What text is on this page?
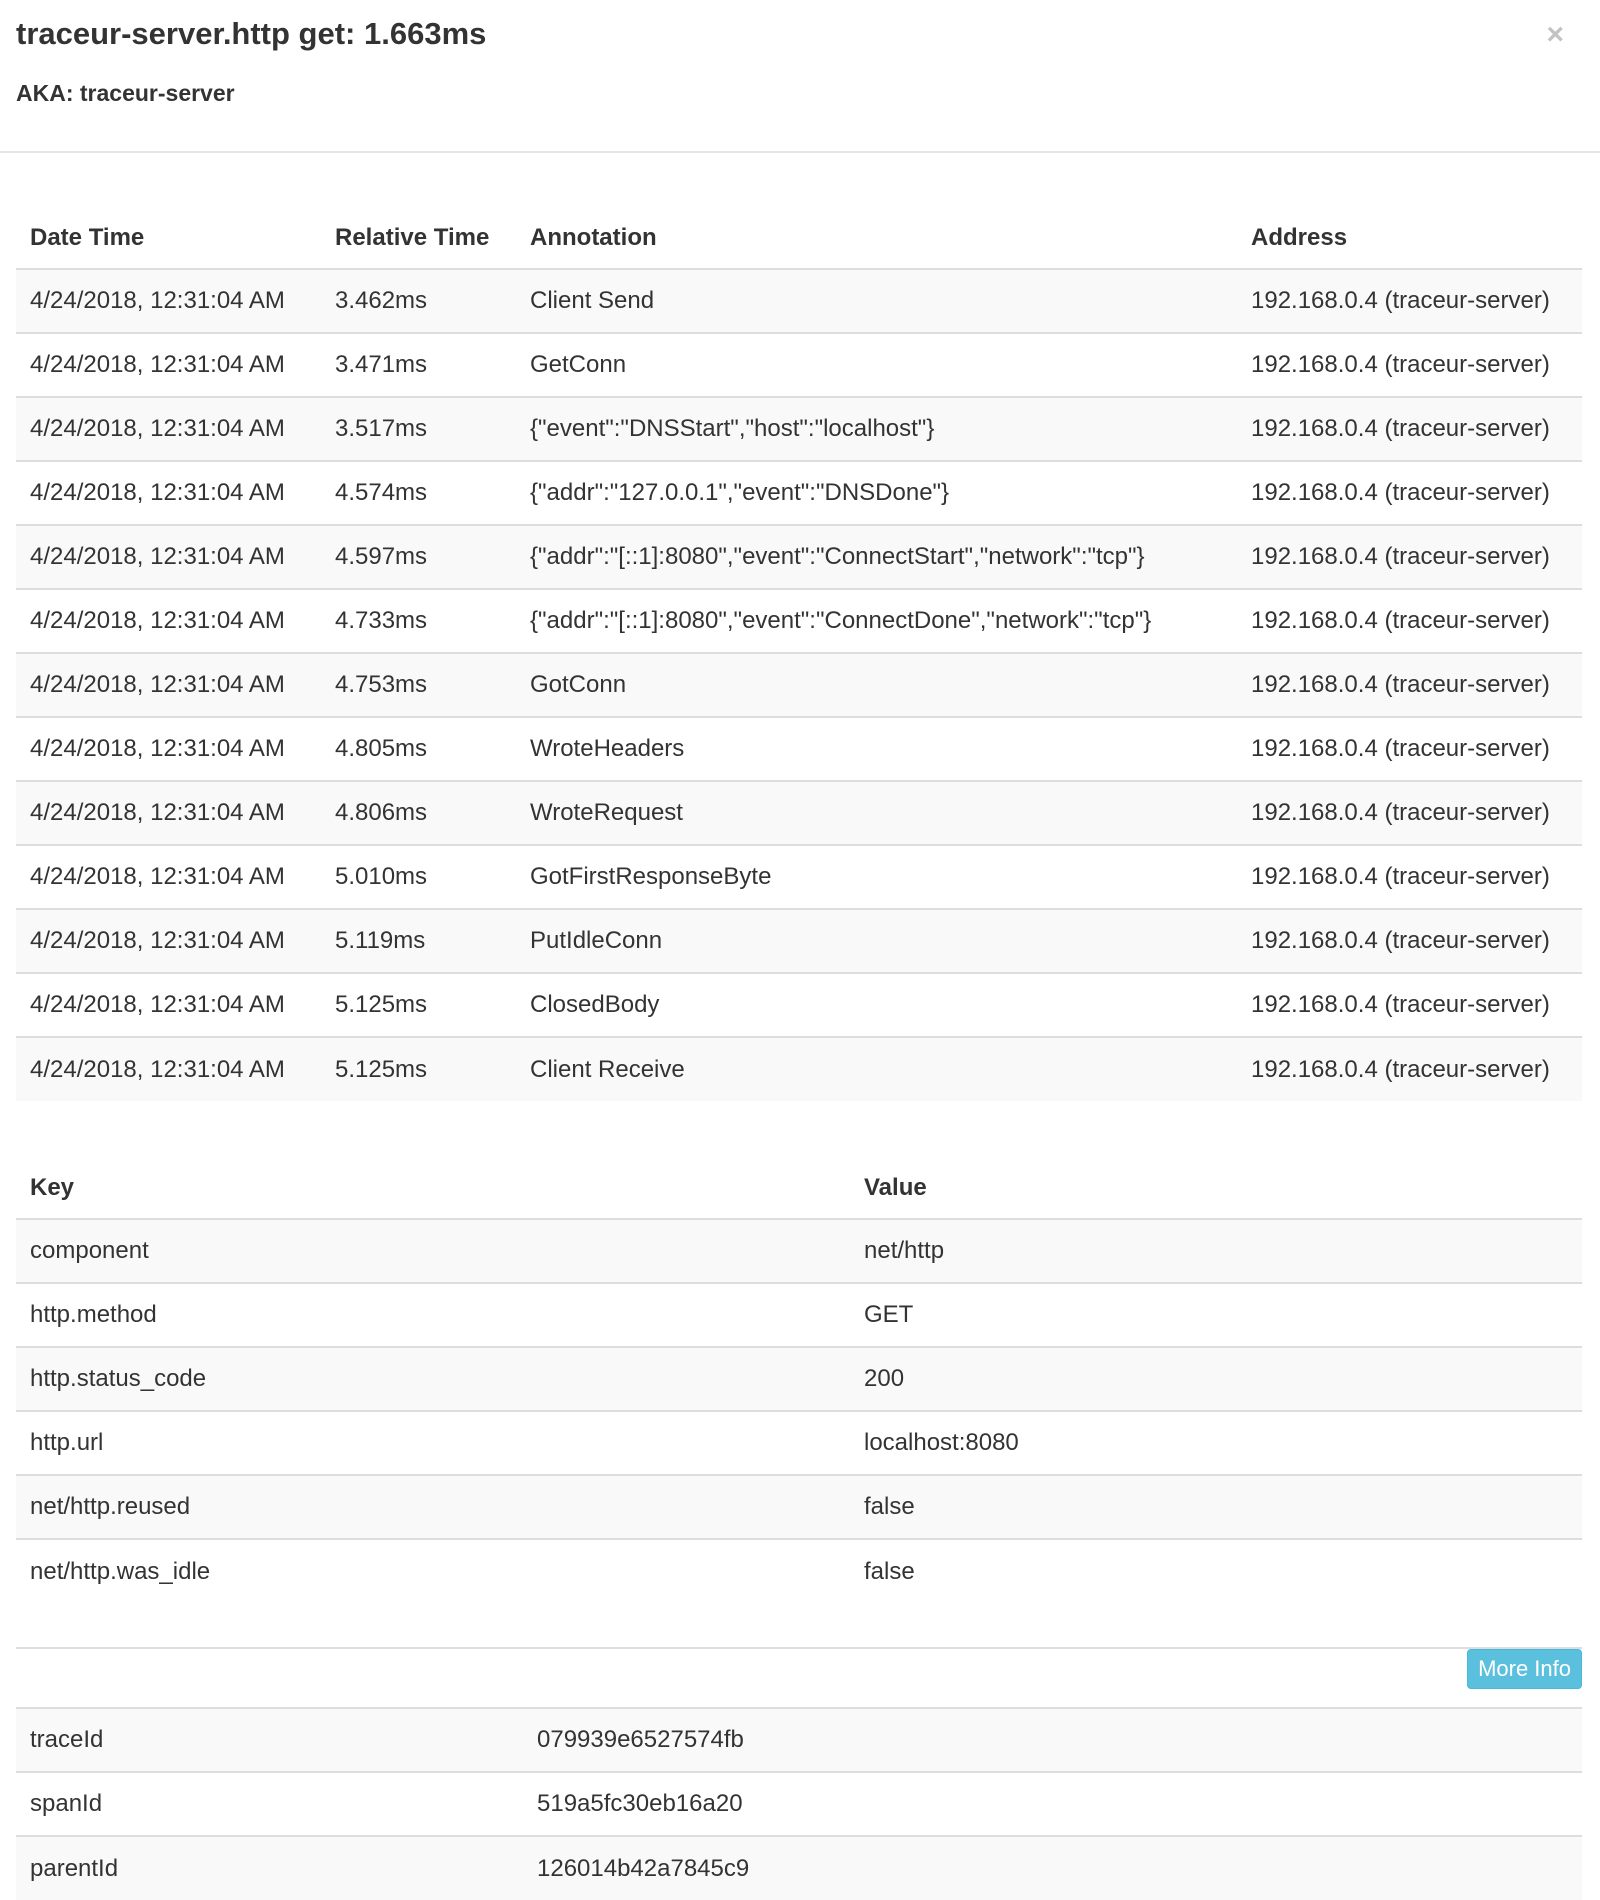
traceur-server.http get: 1.663ms
AKA: traceur-server
×
Date Time	Relative Time	Annotation	Address
4/24/2018, 12:31:04 AM	3.462ms	Client Send	192.168.0.4 (traceur-server)
4/24/2018, 12:31:04 AM	3.471ms	GetConn	192.168.0.4 (traceur-server)
4/24/2018, 12:31:04 AM	3.517ms	{"event":"DNSStart","host":"localhost"}	192.168.0.4 (traceur-server)
4/24/2018, 12:31:04 AM	4.574ms	{"addr":"127.0.0.1","event":"DNSDone"}	192.168.0.4 (traceur-server)
4/24/2018, 12:31:04 AM	4.597ms	{"addr":"[::1]:8080","event":"ConnectStart","network":"tcp"}	192.168.0.4 (traceur-server)
4/24/2018, 12:31:04 AM	4.733ms	{"addr":"[::1]:8080","event":"ConnectDone","network":"tcp"}	192.168.0.4 (traceur-server)
4/24/2018, 12:31:04 AM	4.753ms	GotConn	192.168.0.4 (traceur-server)
4/24/2018, 12:31:04 AM	4.805ms	WroteHeaders	192.168.0.4 (traceur-server)
4/24/2018, 12:31:04 AM	4.806ms	WroteRequest	192.168.0.4 (traceur-server)
4/24/2018, 12:31:04 AM	5.010ms	GotFirstResponseByte	192.168.0.4 (traceur-server)
4/24/2018, 12:31:04 AM	5.119ms	PutIdleConn	192.168.0.4 (traceur-server)
4/24/2018, 12:31:04 AM	5.125ms	ClosedBody	192.168.0.4 (traceur-server)
4/24/2018, 12:31:04 AM	5.125ms	Client Receive	192.168.0.4 (traceur-server)
Key	Value
component	net/http
http.method	GET
http.status_code	200
http.url	localhost:8080
net/http.reused	false
net/http.was_idle	false
More Info
traceId	079939e6527574fb
spanId	519a5fc30eb16a20
parentId	126014b42a7845c9
